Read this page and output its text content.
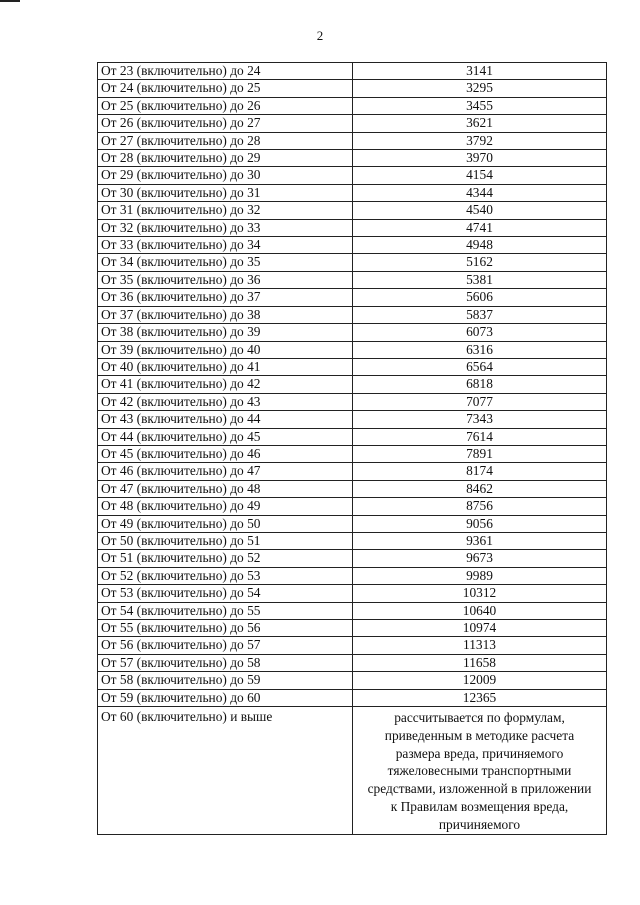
2
От 23 (включительно) до 24	3141
От 24 (включительно) до 25	3295
От 25 (включительно) до 26	3455
От 26 (включительно) до 27	3621
От 27 (включительно) до 28	3792
От 28 (включительно) до 29	3970
От 29 (включительно) до 30	4154
От 30 (включительно) до 31	4344
От 31 (включительно) до 32	4540
От 32 (включительно) до 33	4741
От 33 (включительно) до 34	4948
От 34 (включительно) до 35	5162
От 35 (включительно) до 36	5381
От 36 (включительно) до 37	5606
От 37 (включительно) до 38	5837
От 38 (включительно) до 39	6073
От 39 (включительно) до 40	6316
От 40 (включительно) до 41	6564
От 41 (включительно) до 42	6818
От 42 (включительно) до 43	7077
От 43 (включительно) до 44	7343
От 44 (включительно) до 45	7614
От 45 (включительно) до 46	7891
От 46 (включительно) до 47	8174
От 47 (включительно) до 48	8462
От 48 (включительно) до 49	8756
От 49 (включительно) до 50	9056
От 50 (включительно) до 51	9361
От 51 (включительно) до 52	9673
От 52 (включительно) до 53	9989
От 53 (включительно) до 54	10312
От 54 (включительно) до 55	10640
От 55 (включительно) до 56	10974
От 56 (включительно) до 57	11313
От 57 (включительно) до 58	11658
От 58 (включительно) до 59	12009
От 59 (включительно) до 60	12365
От 60 (включительно) и выше	рассчитывается по формулам, приведенным в методике расчета размера вреда, причиняемого тяжеловесными транспортными средствами, изложенной в приложении к Правилам возмещения вреда, причиняемого
